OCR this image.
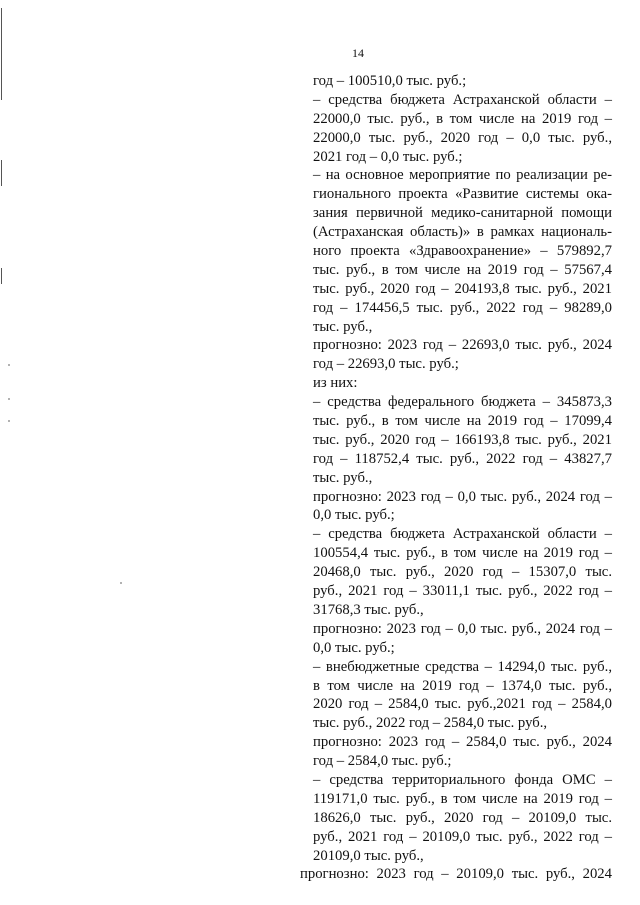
14
год – 100510,0 тыс. руб.;
– средства бюджета Астраханской области –
22000,0 тыс. руб., в том числе на 2019 год –
22000,0 тыс. руб., 2020 год – 0,0 тыс. руб.,
2021 год – 0,0 тыс. руб.;
– на основное мероприятие по реализации ре-
гионального проекта «Развитие системы ока-
зания первичной медико-санитарной помощи
(Астраханская область)» в рамках националь-
ного проекта «Здравоохранение» – 579892,7
тыс. руб., в том числе на 2019 год – 57567,4
тыс. руб., 2020 год – 204193,8 тыс. руб., 2021
год – 174456,5 тыс. руб., 2022 год – 98289,0
тыс. руб.,
прогнозно: 2023 год – 22693,0 тыс. руб., 2024
год – 22693,0 тыс. руб.;
из них:
– средства федерального бюджета – 345873,3
тыс. руб., в том числе на 2019 год – 17099,4
тыс. руб., 2020 год – 166193,8 тыс. руб., 2021
год – 118752,4 тыс. руб., 2022 год – 43827,7
тыс. руб.,
прогнозно: 2023 год – 0,0 тыс. руб., 2024 год –
0,0 тыс. руб.;
– средства бюджета Астраханской области –
100554,4 тыс. руб., в том числе на 2019 год –
20468,0 тыс. руб., 2020 год – 15307,0 тыс.
руб., 2021 год – 33011,1 тыс. руб., 2022 год –
31768,3 тыс. руб.,
прогнозно: 2023 год – 0,0 тыс. руб., 2024 год –
0,0 тыс. руб.;
– внебюджетные средства – 14294,0 тыс. руб.,
в том числе на 2019 год – 1374,0 тыс. руб.,
2020 год – 2584,0 тыс. руб.,2021 год – 2584,0
тыс. руб., 2022 год – 2584,0 тыс. руб.,
прогнозно: 2023 год – 2584,0 тыс. руб., 2024
год – 2584,0 тыс. руб.;
– средства территориального фонда ОМС –
119171,0 тыс. руб., в том числе на 2019 год –
18626,0 тыс. руб., 2020 год – 20109,0 тыс.
руб., 2021 год – 20109,0 тыс. руб., 2022 год –
20109,0 тыс. руб.,
прогнозно: 2023 год – 20109,0 тыс. руб., 2024
